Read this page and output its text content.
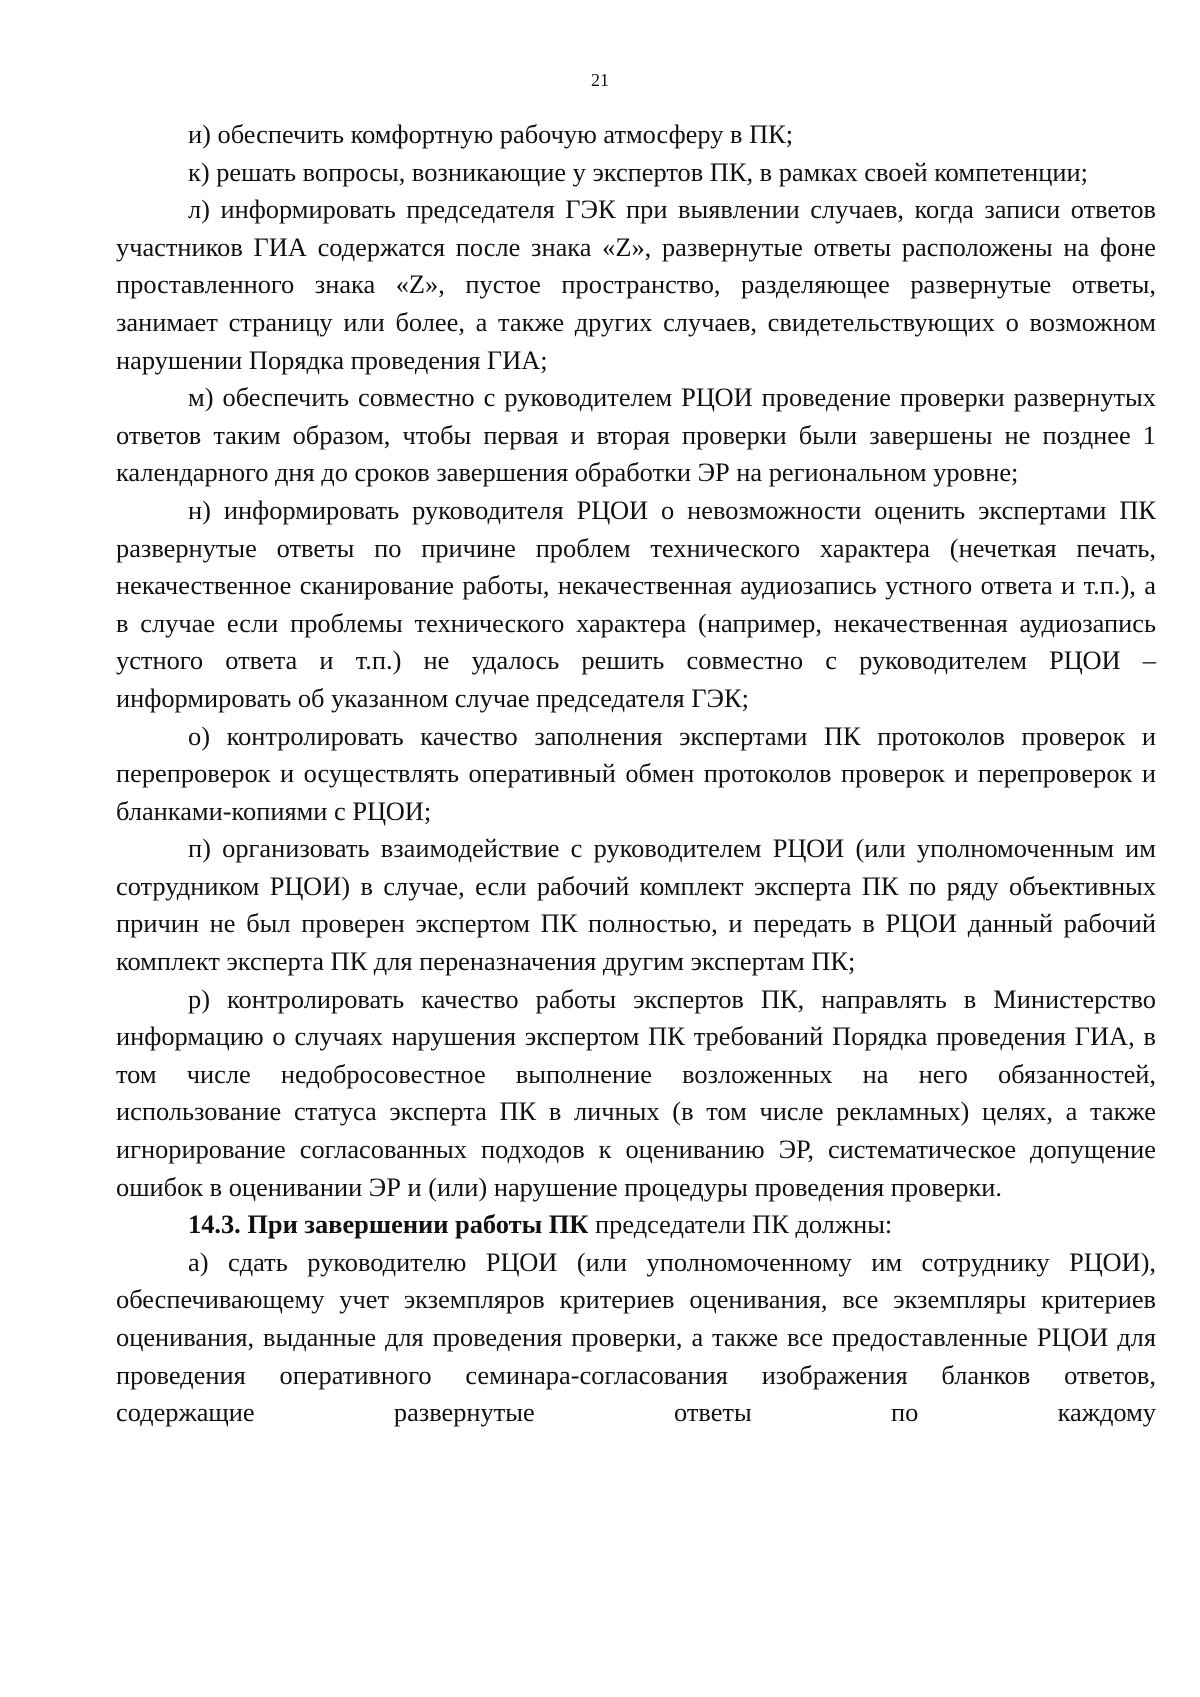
21

и) обеспечить комфортную рабочую атмосферу в ПК;

к) решать вопросы, возникающие у экспертов ПК, в рамках своей компетенции;

л) информировать председателя ГЭК при выявлении случаев, когда записи ответов участников ГИА содержатся после знака «Z», развернутые ответы расположены на фоне проставленного знака «Z», пустое пространство, разделяющее развернутые ответы, занимает страницу или более, а также других случаев, свидетельствующих о возможном нарушении Порядка проведения ГИА;

м) обеспечить совместно с руководителем РЦОИ проведение проверки развернутых ответов таким образом, чтобы первая и вторая проверки были завершены не позднее 1 календарного дня до сроков завершения обработки ЭР на региональном уровне;

н) информировать руководителя РЦОИ о невозможности оценить экспертами ПК развернутые ответы по причине проблем технического характера (нечеткая печать, некачественное сканирование работы, некачественная аудиозапись устного ответа и т.п.), а в случае если проблемы технического характера (например, некачественная аудиозапись устного ответа и т.п.) не удалось решить совместно с руководителем РЦОИ – информировать об указанном случае председателя ГЭК;

о) контролировать качество заполнения экспертами ПК протоколов проверок и перепроверок и осуществлять оперативный обмен протоколов проверок и перепроверок и бланками-копиями с РЦОИ;

п) организовать взаимодействие с руководителем РЦОИ (или уполномоченным им сотрудником РЦОИ) в случае, если рабочий комплект эксперта ПК по ряду объективных причин не был проверен экспертом ПК полностью, и передать в РЦОИ данный рабочий комплект эксперта ПК для переназначения другим экспертам ПК;

р) контролировать качество работы экспертов ПК, направлять в Министерство информацию о случаях нарушения экспертом ПК требований Порядка проведения ГИА, в том числе недобросовестное выполнение возложенных на него обязанностей, использование статуса эксперта ПК в личных (в том числе рекламных) целях, а также игнорирование согласованных подходов к оцениванию ЭР, систематическое допущение ошибок в оценивании ЭР и (или) нарушение процедуры проведения проверки.

14.3. При завершении работы ПК председатели ПК должны:

а) сдать руководителю РЦОИ (или уполномоченному им сотруднику РЦОИ), обеспечивающему учет экземпляров критериев оценивания, все экземпляры критериев оценивания, выданные для проведения проверки, а также все предоставленные РЦОИ для проведения оперативного семинара-согласования изображения бланков ответов, содержащие развернутые ответы по каждому
